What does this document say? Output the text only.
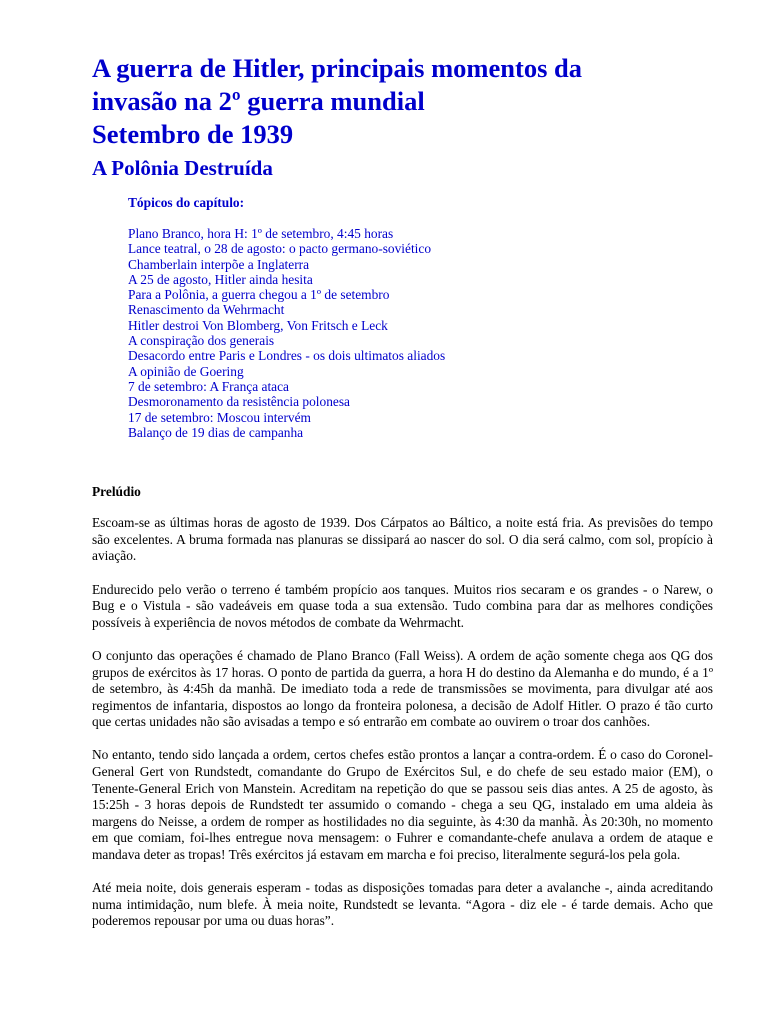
A guerra de Hitler, principais momentos da
invasão na 2º guerra mundial
Setembro de 1939
A Polônia Destruída
Tópicos do capítulo:
Plano Branco, hora H: 1º de setembro, 4:45 horas
Lance teatral, o 28 de agosto: o pacto germano-soviético
Chamberlain interpõe a Inglaterra
A 25 de agosto, Hitler ainda hesita
Para a Polônia, a guerra chegou a 1º de setembro
Renascimento da Wehrmacht
Hitler destroi Von Blomberg, Von Fritsch e Leck
A conspiração dos generais
Desacordo entre Paris e Londres - os dois ultimatos aliados
A opinião de Goering
7 de setembro: A França ataca
Desmoronamento da resistência polonesa
17 de setembro: Moscou intervém
Balanço de 19 dias de campanha
Prelúdio

Escoam-se as últimas horas de agosto de 1939. Dos Cárpatos ao Báltico, a noite está fria. As previsões do tempo são excelentes. A bruma formada nas planuras se dissipará ao nascer do sol. O dia será calmo, com sol, propício à aviação.

Endurecido pelo verão o terreno é também propício aos tanques. Muitos rios secaram e os grandes - o Narew, o Bug e o Vistula - são vadeáveis em quase toda a sua extensão. Tudo combina para dar as melhores condições possíveis à experiência de novos métodos de combate da Wehrmacht.

O conjunto das operações é chamado de Plano Branco (Fall Weiss). A ordem de ação somente chega aos QG dos grupos de exércitos às 17 horas. O ponto de partida da guerra, a hora H do destino da Alemanha e do mundo, é a 1º de setembro, às 4:45h da manhã. De imediato toda a rede de transmissões se movimenta, para divulgar até aos regimentos de infantaria, dispostos ao longo da fronteira polonesa, a decisão de Adolf Hitler. O prazo é tão curto que certas unidades não são avisadas a tempo e só entrarão em combate ao ouvirem o troar dos canhões.

No entanto, tendo sido lançada a ordem, certos chefes estão prontos a lançar a contra-ordem. É o caso do Coronel-General Gert von Rundstedt, comandante do Grupo de Exércitos Sul, e do chefe de seu estado maior (EM), o Tenente-General Erich von Manstein. Acreditam na repetição do que se passou seis dias antes. A 25 de agosto, às 15:25h - 3 horas depois de Rundstedt ter assumido o comando - chega a seu QG, instalado em uma aldeia às margens do Neisse, a ordem de romper as hostilidades no dia seguinte, às 4:30 da manhã. Às 20:30h, no momento em que comiam, foi-lhes entregue nova mensagem: o Fuhrer e comandante-chefe anulava a ordem de ataque e mandava deter as tropas! Três exércitos já estavam em marcha e foi preciso, literalmente segurá-los pela gola.

Até meia noite, dois generais esperam - todas as disposições tomadas para deter a avalanche -, ainda acreditando numa intimidação, num blefe. À meia noite, Rundstedt se levanta. “Agora - diz ele - é tarde demais. Acho que poderemos repousar por uma ou duas horas”.
